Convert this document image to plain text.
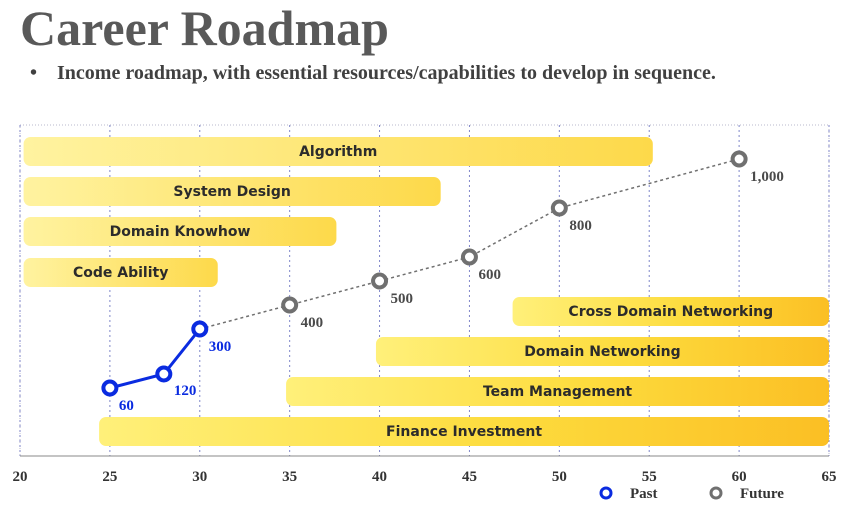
Career Roadmap
• Income roadmap, with essential resources/capabilities to develop in sequence.
Algorithm
System Design
Domain Knowhow
Code Ability
Cross Domain Networking
Domain Networking
Team Management
Finance Investment
20	25	30	35	40	45	50	55	60	65
60
120
300
400
500
600
800
1,000
Past	Future
